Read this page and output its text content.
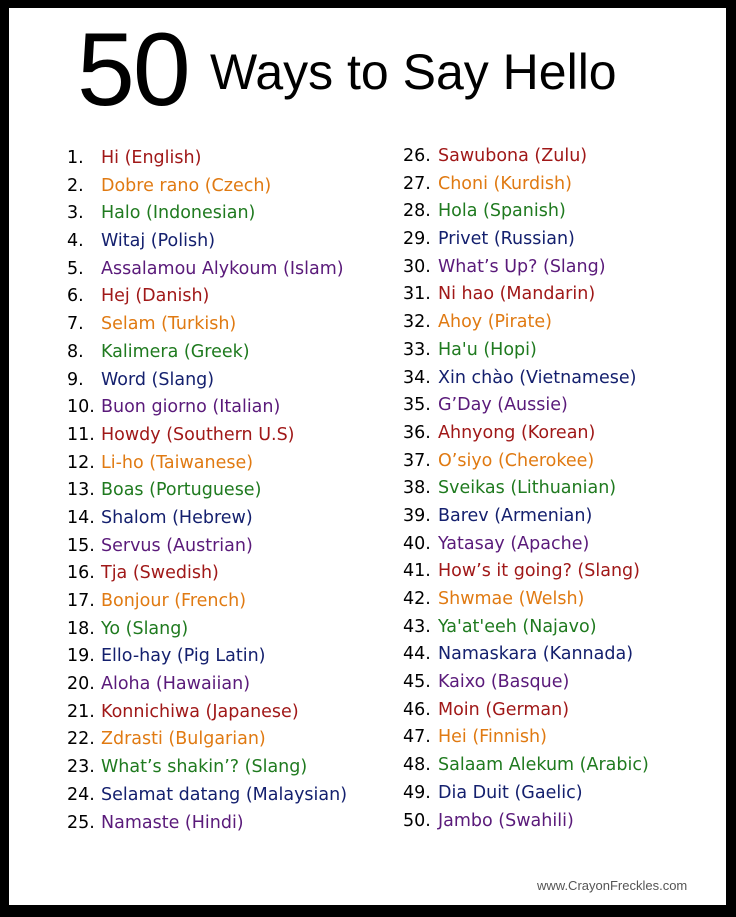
50 Ways to Say Hello
1. Hi (English)
2. Dobre rano (Czech)
3. Halo (Indonesian)
4. Witaj (Polish)
5. Assalamou Alykoum (Islam)
6. Hej (Danish)
7. Selam (Turkish)
8. Kalimera (Greek)
9. Word (Slang)
10. Buon giorno (Italian)
11. Howdy (Southern U.S)
12. Li-ho (Taiwanese)
13. Boas (Portuguese)
14. Shalom (Hebrew)
15. Servus (Austrian)
16. Tja (Swedish)
17. Bonjour (French)
18. Yo (Slang)
19. Ello-hay (Pig Latin)
20. Aloha (Hawaiian)
21. Konnichiwa (Japanese)
22. Zdrasti (Bulgarian)
23. What’s shakin’? (Slang)
24. Selamat datang (Malaysian)
25. Namaste (Hindi)
26. Sawubona (Zulu)
27. Choni (Kurdish)
28. Hola (Spanish)
29. Privet (Russian)
30. What’s Up? (Slang)
31. Ni hao (Mandarin)
32. Ahoy (Pirate)
33. Ha'u (Hopi)
34. Xin chào (Vietnamese)
35. G’Day (Aussie)
36. Ahnyong (Korean)
37. O’siyo (Cherokee)
38. Sveikas (Lithuanian)
39. Barev (Armenian)
40. Yatasay (Apache)
41. How’s it going? (Slang)
42. Shwmae (Welsh)
43. Ya'at'eeh (Najavo)
44. Namaskara (Kannada)
45. Kaixo (Basque)
46. Moin (German)
47. Hei (Finnish)
48. Salaam Alekum (Arabic)
49. Dia Duit (Gaelic)
50. Jambo (Swahili)
www.CrayonFreckles.com
